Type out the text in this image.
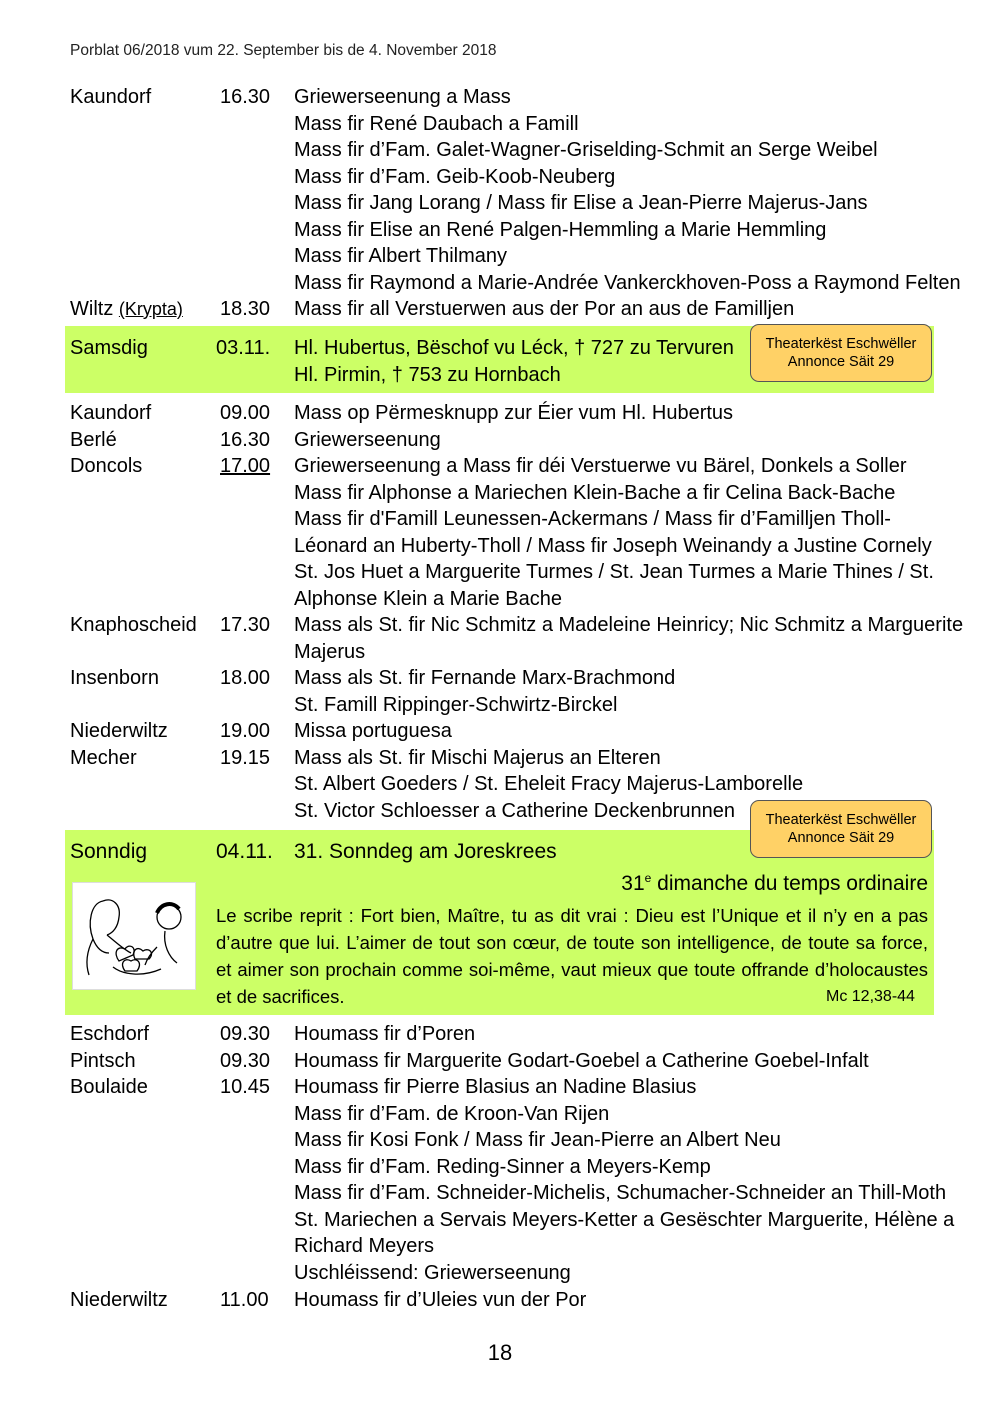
Porblat 06/2018 vum 22. September bis de 4. November 2018
Kaundorf	16.30 Griewerseenung a Mass
Mass fir René Daubach a Famill
Mass fir d’Fam. Galet-Wagner-Griselding-Schmit an Serge Weibel
Mass fir d’Fam. Geib-Koob-Neuberg
Mass fir Jang Lorang / Mass fir Elise a Jean-Pierre Majerus-Jans
Mass fir Elise an René Palgen-Hemmling a Marie Hemmling
Mass fir Albert Thilmany
Mass fir Raymond a Marie-Andrée Vankerckhoven-Poss a Raymond Felten
Wiltz (Krypta) 18.30 Mass fir all Verstuerwen aus der Por an aus de Familljen
Samsdig	03.11. Hl. Hubertus, Bëschof vu Léck, † 727 zu Tervuren
Hl. Pirmin, † 753 zu Hornbach
Theaterkëst Eschwëller
Annonce Säit 29
Kaundorf	09.00 Mass op Përmesknupp zur Éier vum Hl. Hubertus
Berlé	16.30 Griewerseenung
Doncols	17.00 Griewerseenung a Mass fir déi Verstuerwe vu Bärel, Donkels a Soller
Mass fir Alphonse a Mariechen Klein-Bache a fir Celina Back-Bache
Mass fir d'Famill Leunessen-Ackermans / Mass fir d’Familljen Tholl-
Léonard an Huberty-Tholl / Mass fir Joseph Weinandy a Justine Cornely
St. Jos Huet a Marguerite Turmes / St. Jean Turmes a Marie Thines / St.
Alphonse Klein a Marie Bache
Knaphoscheid 17.30 Mass als St. fir Nic Schmitz a Madeleine Heinricy; Nic Schmitz a Marguerite
Majerus
Insenborn	18.00 Mass als St. fir Fernande Marx-Brachmond
St. Famill Rippinger-Schwirtz-Birckel
Niederwiltz	19.00 Missa portuguesa
Mecher	19.15 Mass als St. fir Mischi Majerus an Elteren
St. Albert Goeders / St. Eheleit Fracy Majerus-Lamborelle
St. Victor Schloesser a Catherine Deckenbrunnen	Theaterkëst Eschwëller
Annonce Säit 29
Sonndig	04.11. 31. Sonndeg am Joreskrees
31e dimanche du temps ordinaire
Le scribe reprit : Fort bien, Maître, tu as dit vrai : Dieu est l’Unique et il n’y en a pas d’autre que lui. L’aimer de tout son cœur, de toute son intelligence, de toute sa force, et aimer son prochain comme soi-même, vaut mieux que toute offrande d’holocaustes et de sacrifices.	Mc 12,38-44
Eschdorf	09.30 Houmass fir d’Poren
Pintsch	09.30 Houmass fir Marguerite Godart-Goebel a Catherine Goebel-Infalt
Boulaide	10.45 Houmass fir Pierre Blasius an Nadine Blasius
Mass fir d’Fam. de Kroon-Van Rijen
Mass fir Kosi Fonk / Mass fir Jean-Pierre an Albert Neu
Mass fir d’Fam. Reding-Sinner a Meyers-Kemp
Mass fir d’Fam. Schneider-Michelis, Schumacher-Schneider an Thill-Moth
St. Mariechen a Servais Meyers-Ketter a Gesëschter Marguerite, Hélène a
Richard Meyers
Uschléissend: Griewerseenung
Niederwiltz	11.00 Houmass fir d’Uleies vun der Por
18
